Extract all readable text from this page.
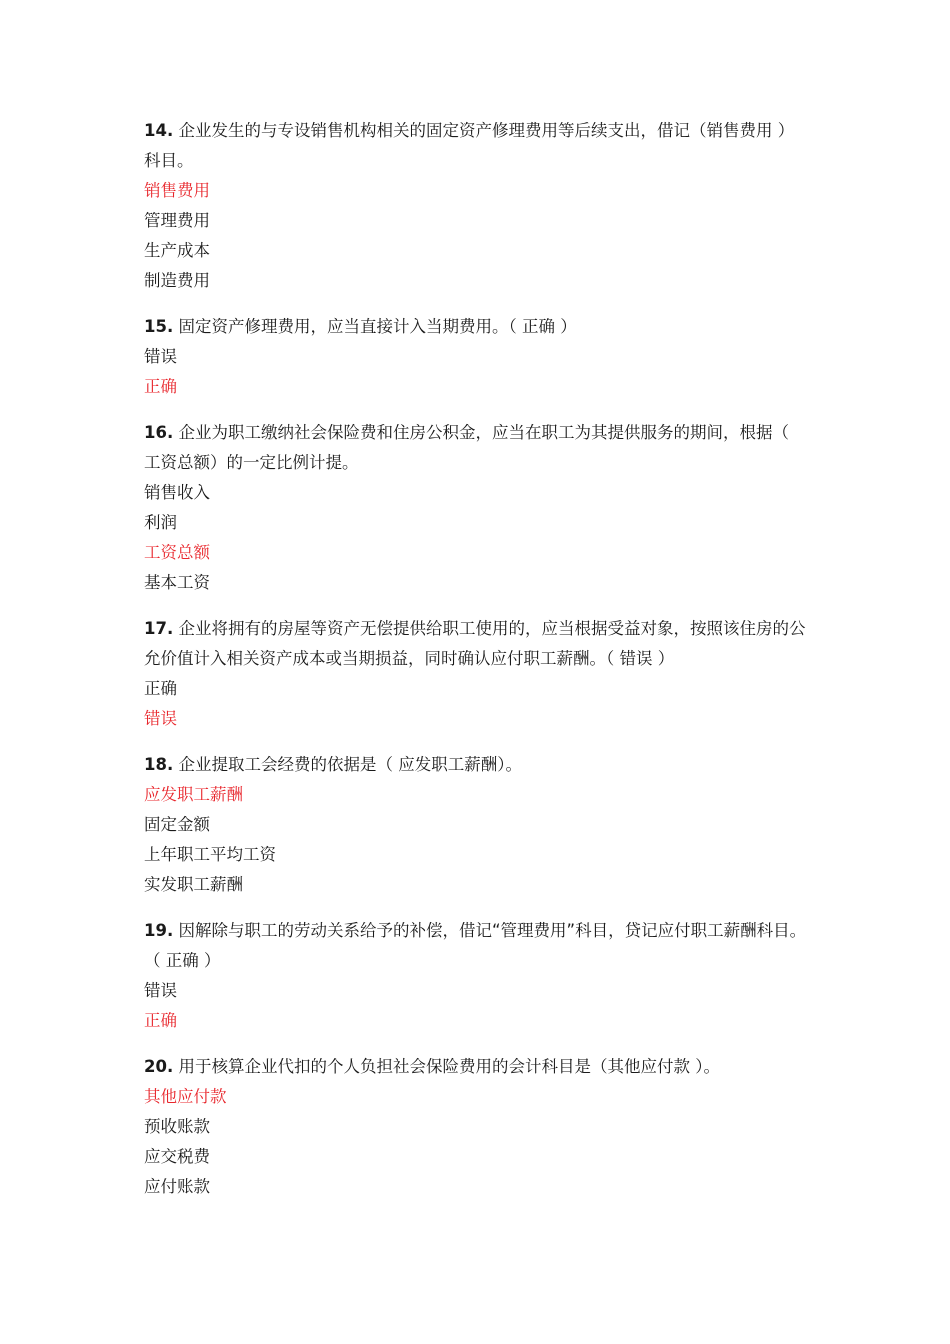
14. 企业发生的与专设销售机构相关的固定资产修理费用等后续支出，借记（销售费用 ）科目。

销售费用

管理费用

生产成本

制造费用

15. 固定资产修理费用，应当直接计入当期费用。（ 正确 ）

错误

正确

16. 企业为职工缴纳社会保险费和住房公积金，应当在职工为其提供服务的期间，根据（ 工资总额）的一定比例计提。

销售收入

利润

工资总额

基本工资

17. 企业将拥有的房屋等资产无偿提供给职工使用的，应当根据受益对象，按照该住房的公允价值计入相关资产成本或当期损益，同时确认应付职工薪酬。（ 错误 ）

正确

错误

18. 企业提取工会经费的依据是（ 应发职工薪酬）。

应发职工薪酬

固定金额

上年职工平均工资

实发职工薪酬

19. 因解除与职工的劳动关系给予的补偿，借记“管理费用”科目，贷记应付职工薪酬科目。（ 正确 ）

错误

正确

20. 用于核算企业代扣的个人负担社会保险费用的会计科目是（其他应付款 ）。

其他应付款

预收账款

应交税费

应付账款
